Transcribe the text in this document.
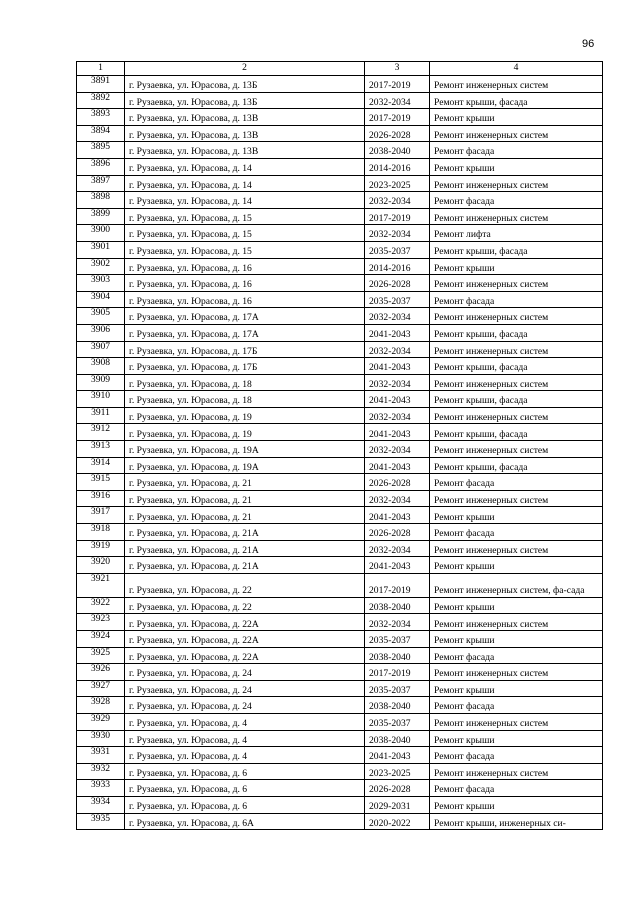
96
1	2	3	4
3891	г. Рузаевка, ул. Юрасова, д. 13Б	2017-2019	Ремонт инженерных систем
3892	г. Рузаевка, ул. Юрасова, д. 13Б	2032-2034	Ремонт крыши, фасада
3893	г. Рузаевка, ул. Юрасова, д. 13В	2017-2019	Ремонт крыши
3894	г. Рузаевка, ул. Юрасова, д. 13В	2026-2028	Ремонт инженерных систем
3895	г. Рузаевка, ул. Юрасова, д. 13В	2038-2040	Ремонт фасада
3896	г. Рузаевка, ул. Юрасова, д. 14	2014-2016	Ремонт крыши
3897	г. Рузаевка, ул. Юрасова, д. 14	2023-2025	Ремонт инженерных систем
3898	г. Рузаевка, ул. Юрасова, д. 14	2032-2034	Ремонт фасада
3899	г. Рузаевка, ул. Юрасова, д. 15	2017-2019	Ремонт инженерных систем
3900	г. Рузаевка, ул. Юрасова, д. 15	2032-2034	Ремонт лифта
3901	г. Рузаевка, ул. Юрасова, д. 15	2035-2037	Ремонт крыши, фасада
3902	г. Рузаевка, ул. Юрасова, д. 16	2014-2016	Ремонт крыши
3903	г. Рузаевка, ул. Юрасова, д. 16	2026-2028	Ремонт инженерных систем
3904	г. Рузаевка, ул. Юрасова, д. 16	2035-2037	Ремонт фасада
3905	г. Рузаевка, ул. Юрасова, д. 17А	2032-2034	Ремонт инженерных систем
3906	г. Рузаевка, ул. Юрасова, д. 17А	2041-2043	Ремонт крыши, фасада
3907	г. Рузаевка, ул. Юрасова, д. 17Б	2032-2034	Ремонт инженерных систем
3908	г. Рузаевка, ул. Юрасова, д. 17Б	2041-2043	Ремонт крыши, фасада
3909	г. Рузаевка, ул. Юрасова, д. 18	2032-2034	Ремонт инженерных систем
3910	г. Рузаевка, ул. Юрасова, д. 18	2041-2043	Ремонт крыши, фасада
3911	г. Рузаевка, ул. Юрасова, д. 19	2032-2034	Ремонт инженерных систем
3912	г. Рузаевка, ул. Юрасова, д. 19	2041-2043	Ремонт крыши, фасада
3913	г. Рузаевка, ул. Юрасова, д. 19А	2032-2034	Ремонт инженерных систем
3914	г. Рузаевка, ул. Юрасова, д. 19А	2041-2043	Ремонт крыши, фасада
3915	г. Рузаевка, ул. Юрасова, д. 21	2026-2028	Ремонт фасада
3916	г. Рузаевка, ул. Юрасова, д. 21	2032-2034	Ремонт инженерных систем
3917	г. Рузаевка, ул. Юрасова, д. 21	2041-2043	Ремонт крыши
3918	г. Рузаевка, ул. Юрасова, д. 21А	2026-2028	Ремонт фасада
3919	г. Рузаевка, ул. Юрасова, д. 21А	2032-2034	Ремонт инженерных систем
3920	г. Рузаевка, ул. Юрасова, д. 21А	2041-2043	Ремонт крыши
3921	г. Рузаевка, ул. Юрасова, д. 22	2017-2019	Ремонт инженерных систем, фа-сада
3922	г. Рузаевка, ул. Юрасова, д. 22	2038-2040	Ремонт крыши
3923	г. Рузаевка, ул. Юрасова, д. 22А	2032-2034	Ремонт инженерных систем
3924	г. Рузаевка, ул. Юрасова, д. 22А	2035-2037	Ремонт крыши
3925	г. Рузаевка, ул. Юрасова, д. 22А	2038-2040	Ремонт фасада
3926	г. Рузаевка, ул. Юрасова, д. 24	2017-2019	Ремонт инженерных систем
3927	г. Рузаевка, ул. Юрасова, д. 24	2035-2037	Ремонт крыши
3928	г. Рузаевка, ул. Юрасова, д. 24	2038-2040	Ремонт фасада
3929	г. Рузаевка, ул. Юрасова, д. 4	2035-2037	Ремонт инженерных систем
3930	г. Рузаевка, ул. Юрасова, д. 4	2038-2040	Ремонт крыши
3931	г. Рузаевка, ул. Юрасова, д. 4	2041-2043	Ремонт фасада
3932	г. Рузаевка, ул. Юрасова, д. 6	2023-2025	Ремонт инженерных систем
3933	г. Рузаевка, ул. Юрасова, д. 6	2026-2028	Ремонт фасада
3934	г. Рузаевка, ул. Юрасова, д. 6	2029-2031	Ремонт крыши
3935	г. Рузаевка, ул. Юрасова, д. 6А	2020-2022	Ремонт крыши, инженерных си-
